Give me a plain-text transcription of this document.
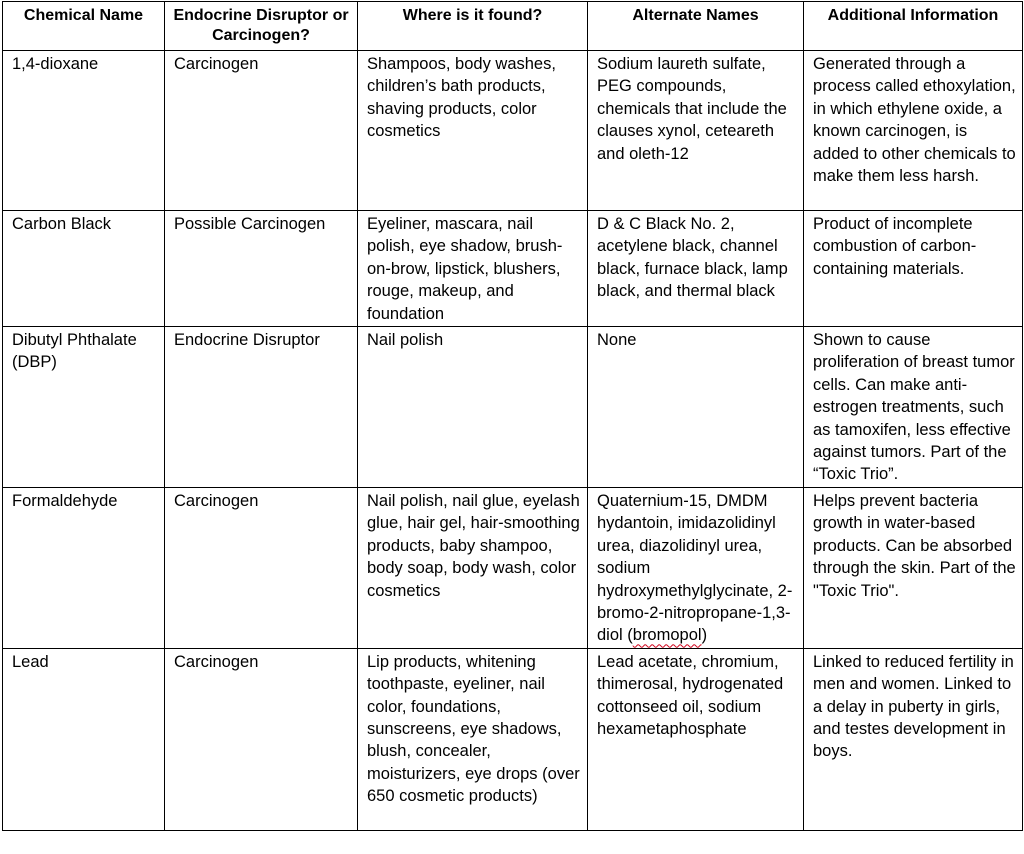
Chemical Name	Endocrine Disruptor or Carcinogen?	Where is it found?	Alternate Names	Additional Information
1,4-dioxane	Carcinogen	Shampoos, body washes, children’s bath products, shaving products, color cosmetics	Sodium laureth sulfate, PEG compounds, chemicals that include the clauses xynol, ceteareth and oleth-12	Generated through a process called ethoxylation, in which ethylene oxide, a known carcinogen, is added to other chemicals to make them less harsh.
Carbon Black	Possible Carcinogen	Eyeliner, mascara, nail polish, eye shadow, brush-on-brow, lipstick, blushers, rouge, makeup, and foundation	D & C Black No. 2, acetylene black, channel black, furnace black, lamp black, and thermal black	Product of incomplete combustion of carbon-containing materials.
Dibutyl Phthalate (DBP)	Endocrine Disruptor	Nail polish	None	Shown to cause proliferation of breast tumor cells. Can make anti-estrogen treatments, such as tamoxifen, less effective against tumors. Part of the “Toxic Trio”.
Formaldehyde	Carcinogen	Nail polish, nail glue, eyelash glue, hair gel, hair-smoothing products, baby shampoo, body soap, body wash, color cosmetics	Quaternium-15, DMDM hydantoin, imidazolidinyl urea, diazolidinyl urea, sodium hydroxymethylglycinate, 2-bromo-2-nitropropane-1,3-diol (bromopol)	Helps prevent bacteria growth in water-based products. Can be absorbed through the skin. Part of the "Toxic Trio".
Lead	Carcinogen	Lip products, whitening toothpaste, eyeliner, nail color, foundations, sunscreens, eye shadows, blush, concealer, moisturizers, eye drops (over 650 cosmetic products)	Lead acetate, chromium, thimerosal, hydrogenated cottonseed oil, sodium hexametaphosphate	Linked to reduced fertility in men and women. Linked to a delay in puberty in girls, and testes development in boys.
